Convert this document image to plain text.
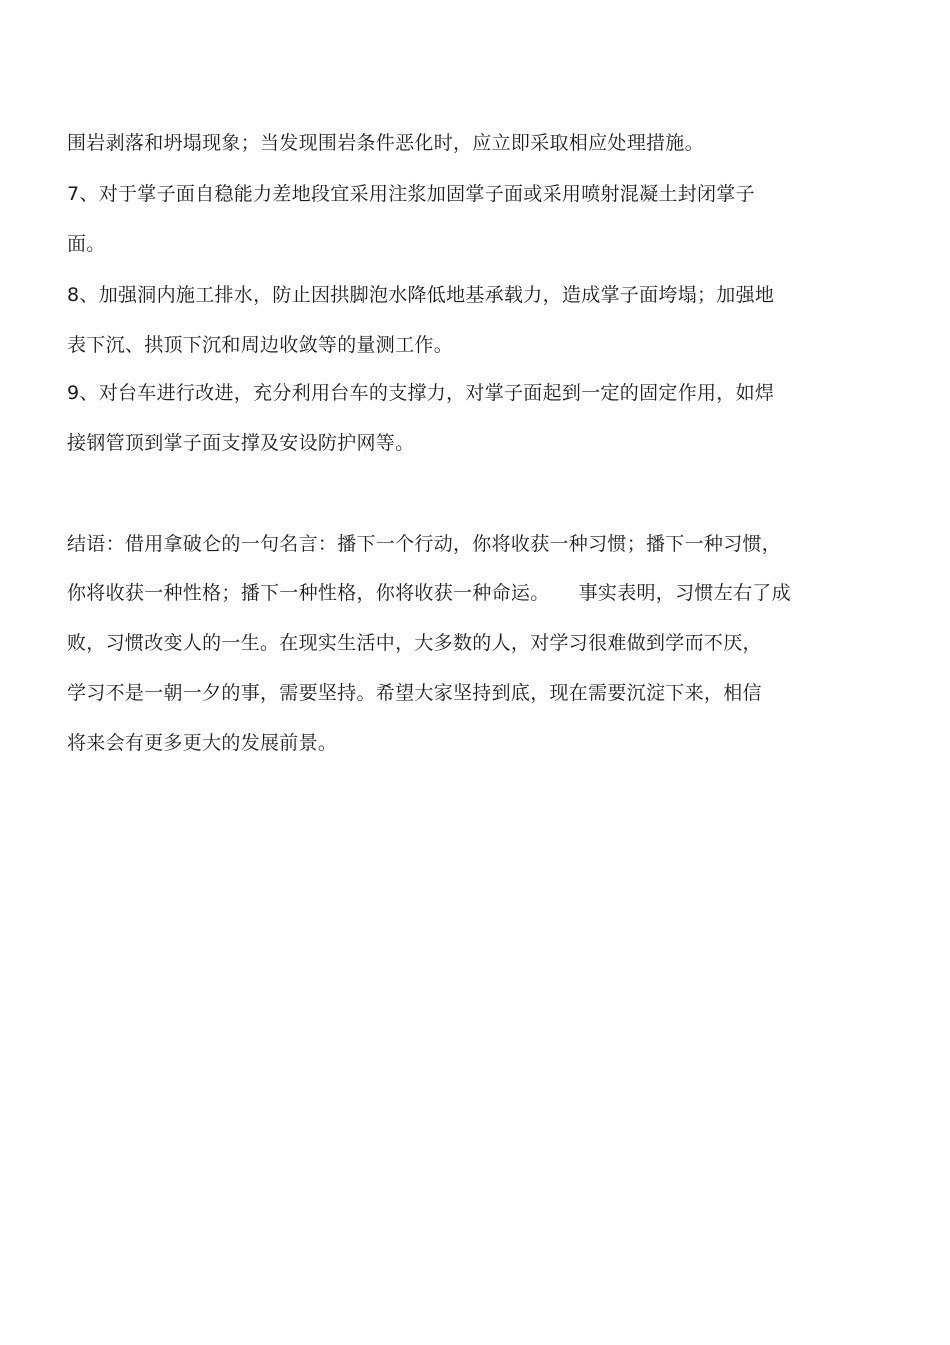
围岩剥落和坍塌现象；当发现围岩条件恶化时，应立即采取相应处理措施。
7、对于掌子面自稳能力差地段宜采用注浆加固掌子面或采用喷射混凝土封闭掌子
面。
8、加强洞内施工排水，防止因拱脚泡水降低地基承载力，造成掌子面垮塌；加强地
表下沉、拱顶下沉和周边收敛等的量测工作。
9、对台车进行改进，充分利用台车的支撑力，对掌子面起到一定的固定作用，如焊
接钢管顶到掌子面支撑及安设防护网等。
结语：借用拿破仑的一句名言：播下一个行动，你将收获一种习惯；播下一种习惯，
你将收获一种性格；播下一种性格，你将收获一种命运。　　事实表明，习惯左右了成
败，习惯改变人的一生。在现实生活中，大多数的人，对学习很难做到学而不厌，
学习不是一朝一夕的事，需要坚持。希望大家坚持到底，现在需要沉淀下来，相信
将来会有更多更大的发展前景。
